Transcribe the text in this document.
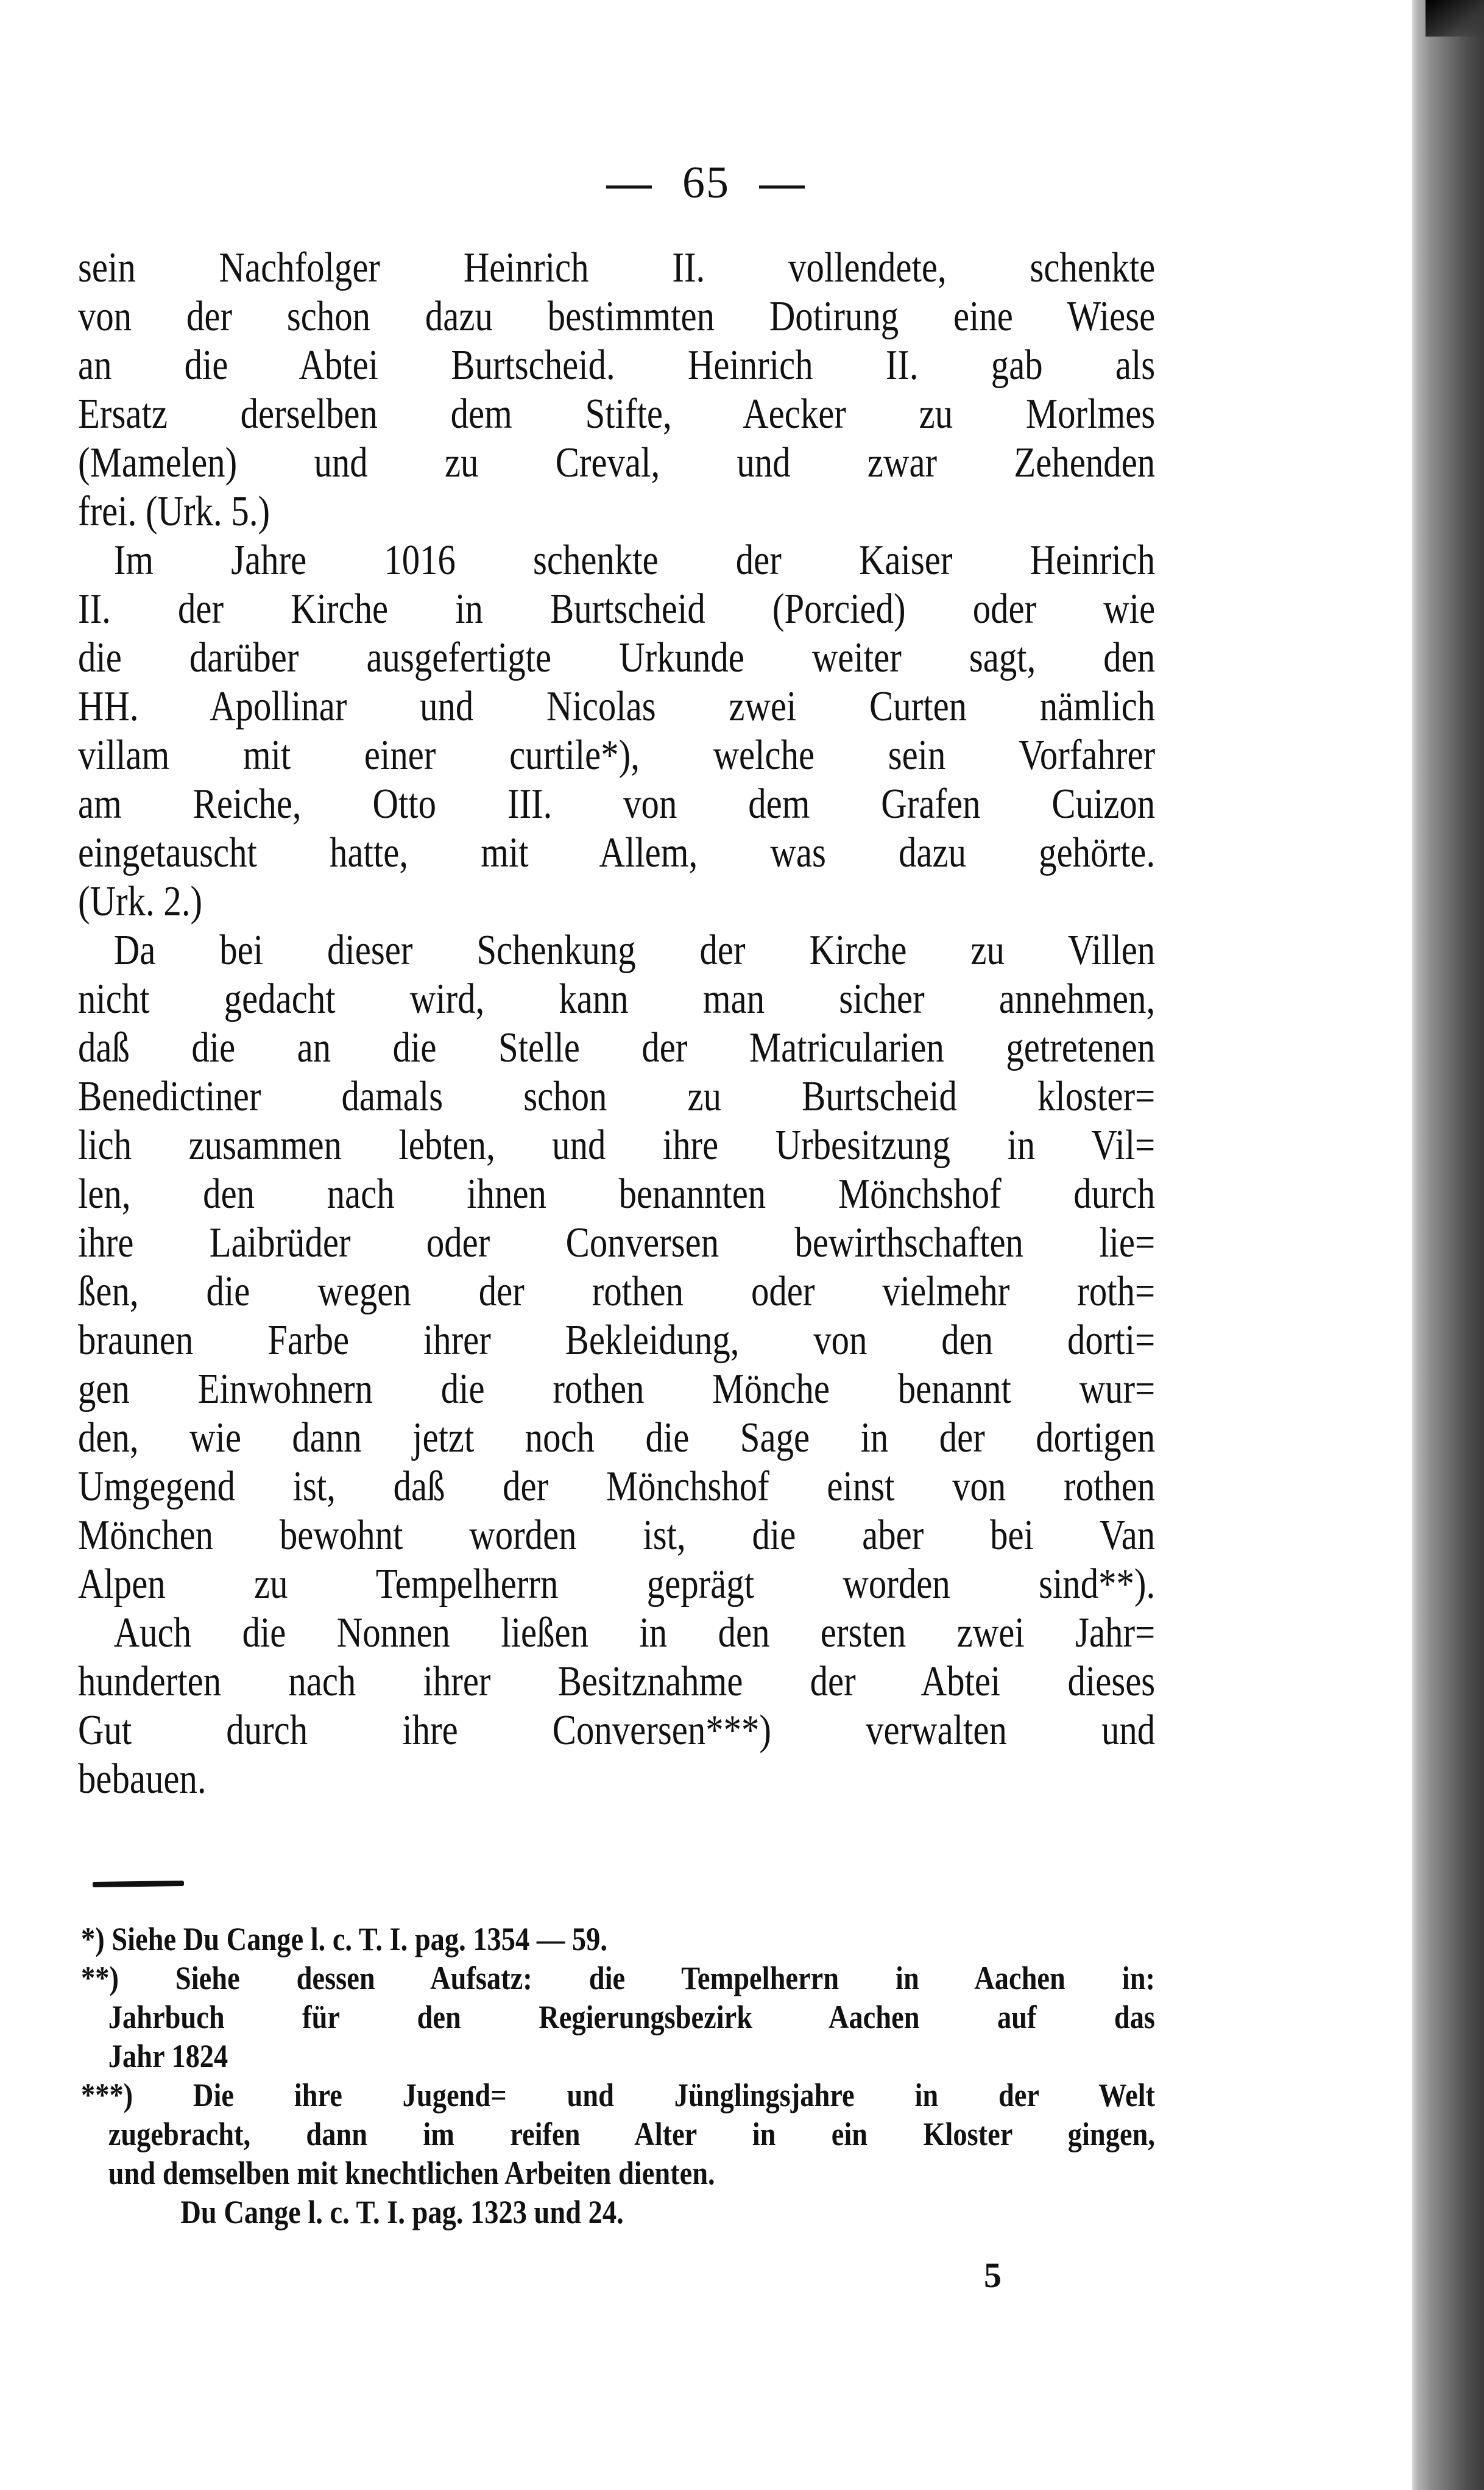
— 65 —
sein Nachfolger Heinrich II. vollendete, schenkte
von der schon dazu bestimmten Dotirung eine Wiese
an die Abtei Burtscheid. Heinrich II. gab als
Ersatz derselben dem Stifte, Aecker zu Morlmes
(Mamelen) und zu Creval, und zwar Zehenden
frei. (Urk. 5.)
Im Jahre 1016 schenkte der Kaiser Heinrich
II. der Kirche in Burtscheid (Porcied) oder wie
die darüber ausgefertigte Urkunde weiter sagt, den
HH. Apollinar und Nicolas zwei Curten nämlich
villam mit einer curtile*), welche sein Vorfahrer
am Reiche, Otto III. von dem Grafen Cuizon
eingetauscht hatte, mit Allem, was dazu gehörte.
(Urk. 2.)
Da bei dieser Schenkung der Kirche zu Villen
nicht gedacht wird, kann man sicher annehmen,
daß die an die Stelle der Matricularien getretenen
Benedictiner damals schon zu Burtscheid kloster=
lich zusammen lebten, und ihre Urbesitzung in Vil=
len, den nach ihnen benannten Mönchshof durch
ihre Laibrüder oder Conversen bewirthschaften lie=
ßen, die wegen der rothen oder vielmehr roth=
braunen Farbe ihrer Bekleidung, von den dorti=
gen Einwohnern die rothen Mönche benannt wur=
den, wie dann jetzt noch die Sage in der dortigen
Umgegend ist, daß der Mönchshof einst von rothen
Mönchen bewohnt worden ist, die aber bei Van
Alpen zu Tempelherrn geprägt worden sind**).
Auch die Nonnen ließen in den ersten zwei Jahr=
hunderten nach ihrer Besitznahme der Abtei dieses
Gut durch ihre Conversen***) verwalten und
bebauen.
*) Siehe Du Cange l. c. T. I. pag. 1354 — 59.
**) Siehe dessen Aufsatz: die Tempelherrn in Aachen in:
Jahrbuch für den Regierungsbezirk Aachen auf das
Jahr 1824
***) Die ihre Jugend= und Jünglingsjahre in der Welt
zugebracht, dann im reifen Alter in ein Kloster gingen,
und demselben mit knechtlichen Arbeiten dienten.
Du Cange l. c. T. I. pag. 1323 und 24.
5
